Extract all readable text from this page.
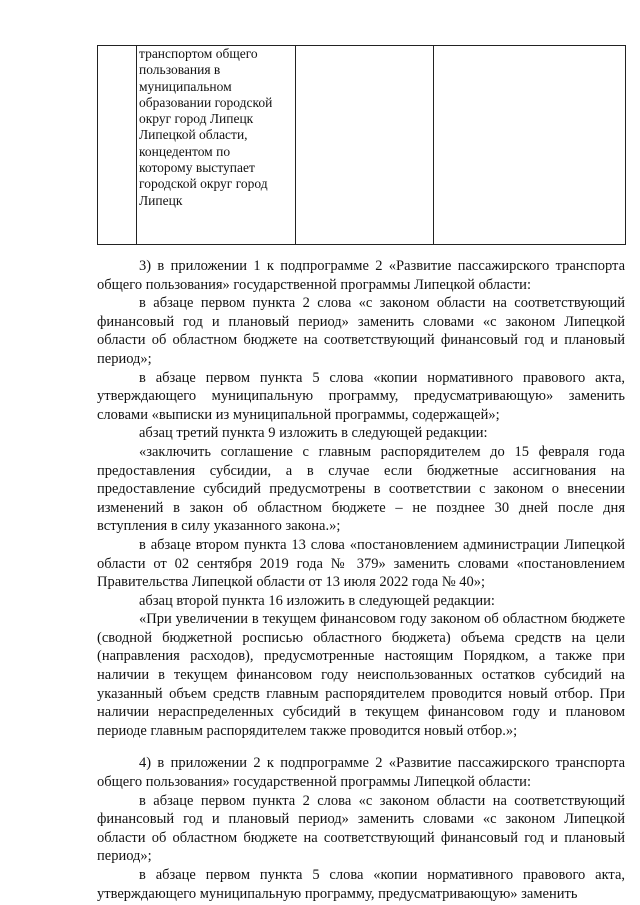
транспортом общего
пользования в
муниципальном
образовании городской
округ город Липецк
Липецкой области,
концедентом по
которому выступает
городской округ город
Липецк

3) в приложении 1 к подпрограмме 2 «Развитие пассажирского транспорта общего пользования» государственной программы Липецкой области:

в абзаце первом пункта 2 слова «с законом области на соответствующий финансовый год и плановый период» заменить словами «с законом Липецкой области об областном бюджете на соответствующий финансовый год и плановый период»;

в абзаце первом пункта 5 слова «копии нормативного правового акта, утверждающего муниципальную программу, предусматривающую» заменить словами «выписки из муниципальной программы, содержащей»;

абзац третий пункта 9 изложить в следующей редакции:

«заключить соглашение с главным распорядителем до 15 февраля года предоставления субсидии, а в случае если бюджетные ассигнования на предоставление субсидий предусмотрены в соответствии с законом о внесении изменений в закон об областном бюджете – не позднее 30 дней после дня вступления в силу указанного закона.»;

в абзаце втором пункта 13 слова «постановлением администрации Липецкой области от 02 сентября 2019 года № 379» заменить словами «постановлением Правительства Липецкой области от 13 июля 2022 года № 40»;

абзац второй пункта 16 изложить в следующей редакции:

«При увеличении в текущем финансовом году законом об областном бюджете (сводной бюджетной росписью областного бюджета) объема средств на цели (направления расходов), предусмотренные настоящим Порядком, а также при наличии в текущем финансовом году неиспользованных остатков субсидий на указанный объем средств главным распорядителем проводится новый отбор. При наличии нераспределенных субсидий в текущем финансовом году и плановом периоде главным распорядителем также проводится новый отбор.»;

4) в приложении 2 к подпрограмме 2 «Развитие пассажирского транспорта общего пользования» государственной программы Липецкой области:

в абзаце первом пункта 2 слова «с законом области на соответствующий финансовый год и плановый период» заменить словами «с законом Липецкой области об областном бюджете на соответствующий финансовый год и плановый период»;

в абзаце первом пункта 5 слова «копии нормативного правового акта, утверждающего муниципальную программу, предусматривающую» заменить
